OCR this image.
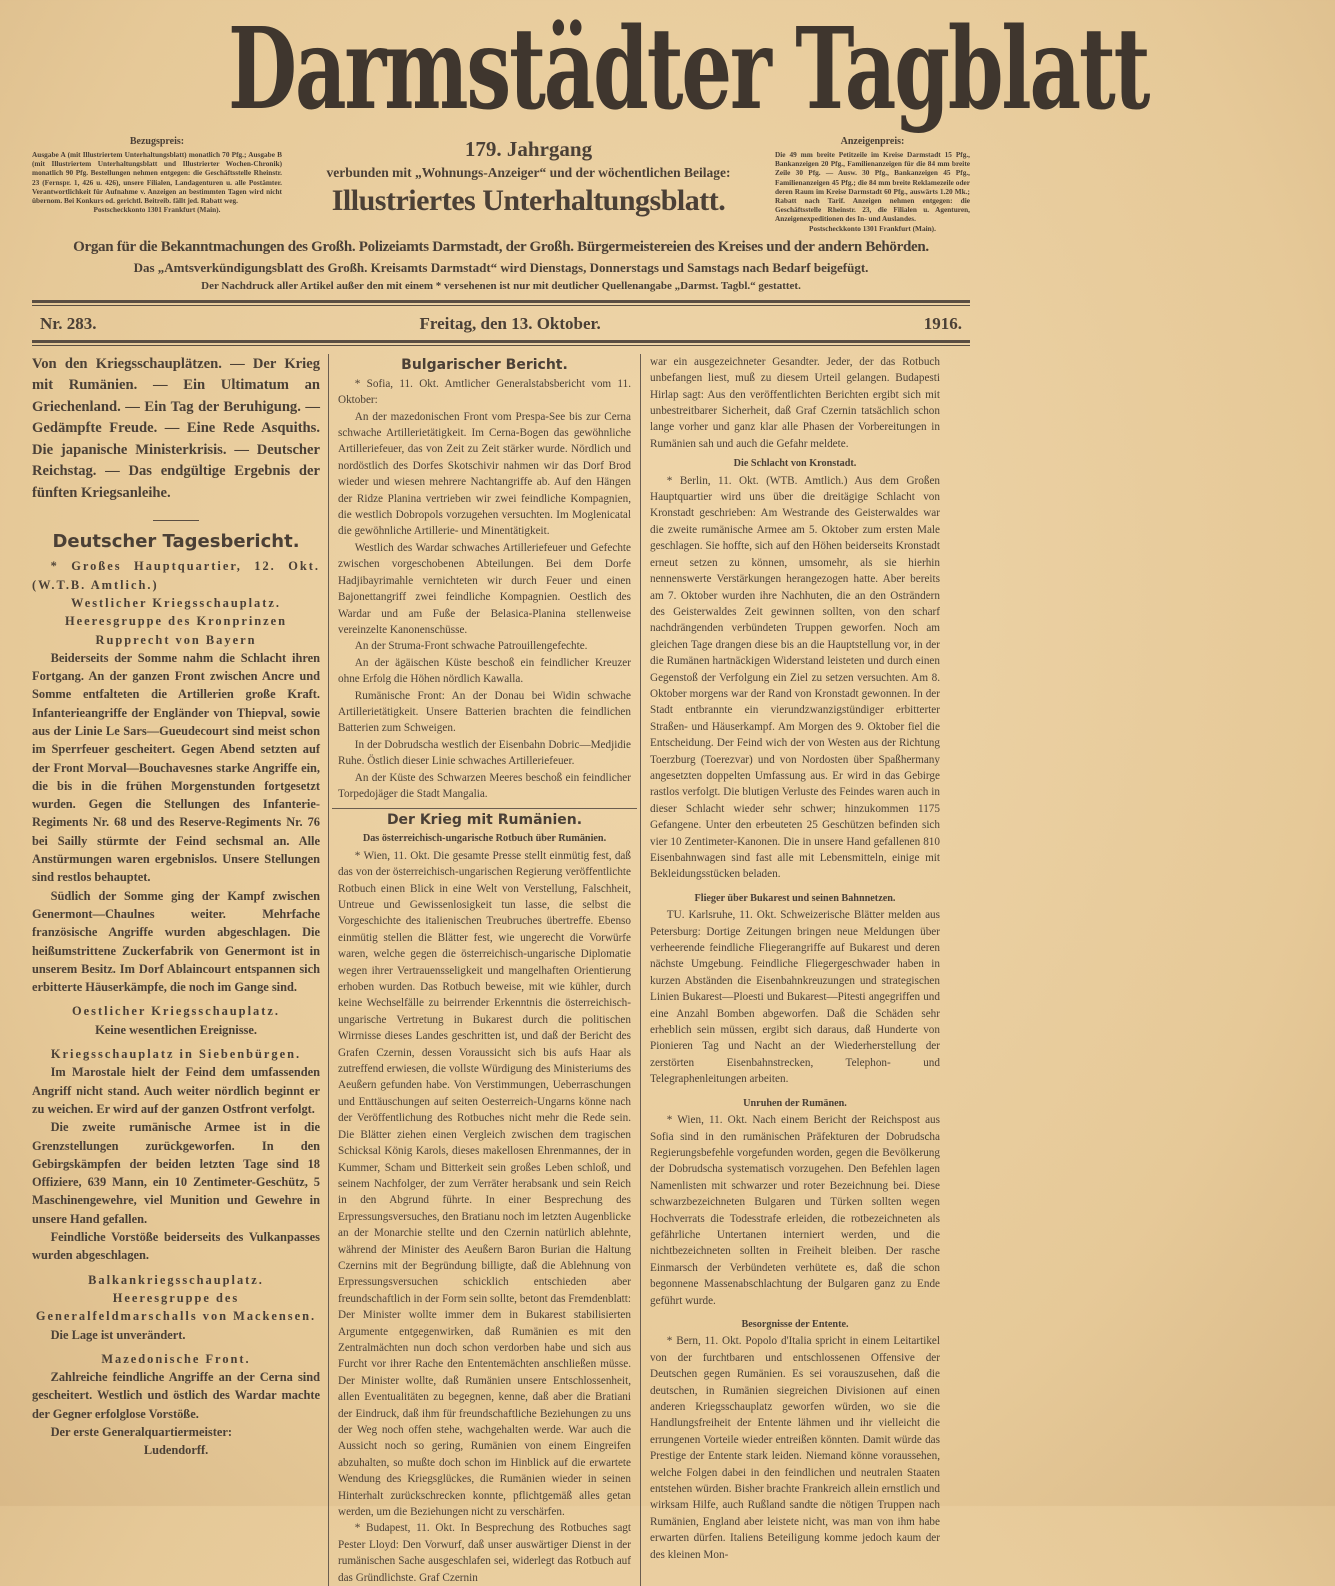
Darmstädter Tagblatt
Bezugspreis:
Ausgabe A (mit Illustriertem Unterhaltungsblatt) monatlich 70 Pfg.; Ausgabe B (mit Illustriertem Unterhaltungsblatt und Illustrierter Wochen-Chronik) monatlich 90 Pfg. Bestellungen nehmen entgegen: die Geschäftsstelle Rheinstr. 23 (Fernspr. 1, 426 u. 426), unsere Filialen, Landagenturen u. alle Postämter. Verantwortlichkeit für Aufnahme v. Anzeigen an bestimmten Tagen wird nicht übernom. Bei Konkurs od. gerichtl. Beitreib. fällt jed. Rabatt weg.
Postscheckkonto 1301 Frankfurt (Main).
179. Jahrgang
verbunden mit „Wohnungs-Anzeiger“ und der wöchentlichen Beilage:
Illustriertes Unterhaltungsblatt.
Anzeigenpreis:
Die 49 mm breite Petitzeile im Kreise Darmstadt 15 Pfg., Bankanzeigen 20 Pfg., Familienanzeigen für die 84 mm breite Zeile 30 Pfg. — Ausw. 30 Pfg., Bankanzeigen 45 Pfg., Familienanzeigen 45 Pfg.; die 84 mm breite Reklamezeile oder deren Raum im Kreise Darmstadt 60 Pfg., auswärts 1.20 Mk.; Rabatt nach Tarif. Anzeigen nehmen entgegen: die Geschäftsstelle Rheinstr. 23, die Filialen u. Agenturen, Anzeigenexpeditionen des In- und Auslandes.
Postscheckkonto 1301 Frankfurt (Main).
Organ für die Bekanntmachungen des Großh. Polizeiamts Darmstadt, der Großh. Bürgermeistereien des Kreises und der andern Behörden.
Das „Amtsverkündigungsblatt des Großh. Kreisamts Darmstadt“ wird Dienstags, Donnerstags und Samstags nach Bedarf beigefügt.
Der Nachdruck aller Artikel außer den mit einem * versehenen ist nur mit deutlicher Quellenangabe „Darmst. Tagbl.“ gestattet.
Nr. 283.	Freitag, den 13. Oktober.	1916.

Von den Kriegsschauplätzen. — Der Krieg mit Rumänien. — Ein Ultimatum an Griechenland. — Ein Tag der Beruhigung. — Gedämpfte Freude. — Eine Rede Asquiths. Die japanische Ministerkrisis. — Deutscher Reichstag. — Das endgültige Ergebnis der fünften Kriegsanleihe.

Deutscher Tagesbericht.

* Großes Hauptquartier, 12. Okt. (W.T.B. Amtlich.)

Westlicher Kriegsschauplatz.

Heeresgruppe des Kronprinzen Rupprecht von Bayern

Beiderseits der Somme nahm die Schlacht ihren Fortgang. An der ganzen Front zwischen Ancre und Somme entfalteten die Artillerien große Kraft. Infanterieangriffe der Engländer von Thiepval, sowie aus der Linie Le Sars—Gueudecourt sind meist schon im Sperrfeuer gescheitert. Gegen Abend setzten auf der Front Morval—Bouchavesnes starke Angriffe ein, die bis in die frühen Morgenstunden fortgesetzt wurden. Gegen die Stellungen des Infanterie-Regiments Nr. 68 und des Reserve-Regiments Nr. 76 bei Sailly stürmte der Feind sechsmal an. Alle Anstürmungen waren ergebnislos. Unsere Stellungen sind restlos behauptet.

Südlich der Somme ging der Kampf zwischen Genermont—Chaulnes weiter. Mehrfache französische Angriffe wurden abgeschlagen. Die heißumstrittene Zuckerfabrik von Genermont ist in unserem Besitz. Im Dorf Ablaincourt entspannen sich erbitterte Häuserkämpfe, die noch im Gange sind.

Oestlicher Kriegsschauplatz.

Keine wesentlichen Ereignisse.

Kriegsschauplatz in Siebenbürgen.

Im Marostale hielt der Feind dem umfassenden Angriff nicht stand. Auch weiter nördlich beginnt er zu weichen. Er wird auf der ganzen Ostfront verfolgt.

Die zweite rumänische Armee ist in die Grenzstellungen zurückgeworfen. In den Gebirgskämpfen der beiden letzten Tage sind 18 Offiziere, 639 Mann, ein 10 Zentimeter-Geschütz, 5 Maschinengewehre, viel Munition und Gewehre in unsere Hand gefallen.

Feindliche Vorstöße beiderseits des Vulkanpasses wurden abgeschlagen.

Balkankriegsschauplatz.

Heeresgruppe des Generalfeldmarschalls von Mackensen.

Die Lage ist unverändert.

Mazedonische Front.

Zahlreiche feindliche Angriffe an der Cerna sind gescheitert. Westlich und östlich des Wardar machte der Gegner erfolglose Vorstöße.

Der erste Generalquartiermeister:

Ludendorff.

Bulgarischer Bericht.

* Sofia, 11. Okt. Amtlicher Generalstabsbericht vom 11. Oktober:

An der mazedonischen Front vom Prespa-See bis zur Cerna schwache Artillerietätigkeit. Im Cerna-Bogen das gewöhnliche Artilleriefeuer, das von Zeit zu Zeit stärker wurde. Nördlich und nordöstlich des Dorfes Skotschivir nahmen wir das Dorf Brod wieder und wiesen mehrere Nachtangriffe ab. Auf den Hängen der Ridze Planina vertrieben wir zwei feindliche Kompagnien, die westlich Dobropols vorzugehen versuchten. Im Moglenicatal die gewöhnliche Artillerie- und Minentätigkeit.

Westlich des Wardar schwaches Artilleriefeuer und Gefechte zwischen vorgeschobenen Abteilungen. Bei dem Dorfe Hadjibayrimahle vernichteten wir durch Feuer und einen Bajonettangriff zwei feindliche Kompagnien. Oestlich des Wardar und am Fuße der Belasica-Planina stellenweise vereinzelte Kanonenschüsse.

An der Struma-Front schwache Patrouillengefechte.

An der ägäischen Küste beschoß ein feindlicher Kreuzer ohne Erfolg die Höhen nördlich Kawalla.

Rumänische Front: An der Donau bei Widin schwache Artillerietätigkeit. Unsere Batterien brachten die feindlichen Batterien zum Schweigen.

In der Dobrudscha westlich der Eisenbahn Dobric—Medjidie Ruhe. Östlich dieser Linie schwaches Artilleriefeuer.

An der Küste des Schwarzen Meeres beschoß ein feindlicher Torpedojäger die Stadt Mangalia.

Der Krieg mit Rumänien.

Das österreichisch-ungarische Rotbuch über Rumänien.

* Wien, 11. Okt. Die gesamte Presse stellt einmütig fest, daß das von der österreichisch-ungarischen Regierung veröffentlichte Rotbuch einen Blick in eine Welt von Verstellung, Falschheit, Untreue und Gewissenlosigkeit tun lasse, die selbst die Vorgeschichte des italienischen Treubruches übertreffe. Ebenso einmütig stellen die Blätter fest, wie ungerecht die Vorwürfe waren, welche gegen die österreichisch-ungarische Diplomatie wegen ihrer Vertrauensseligkeit und mangelhaften Orientierung erhoben wurden. Das Rotbuch beweise, mit wie kühler, durch keine Wechselfälle zu beirrender Erkenntnis die österreichisch-ungarische Vertretung in Bukarest durch die politischen Wirrnisse dieses Landes geschritten ist, und daß der Bericht des Grafen Czernin, dessen Voraussicht sich bis aufs Haar als zutreffend erwiesen, die vollste Würdigung des Ministeriums des Aeußern gefunden habe. Von Verstimmungen, Ueberraschungen und Enttäuschungen auf seiten Oesterreich-Ungarns könne nach der Veröffentlichung des Rotbuches nicht mehr die Rede sein. Die Blätter ziehen einen Vergleich zwischen dem tragischen Schicksal König Karols, dieses makellosen Ehrenmannes, der in Kummer, Scham und Bitterkeit sein großes Leben schloß, und seinem Nachfolger, der zum Verräter herabsank und sein Reich in den Abgrund führte. In einer Besprechung des Erpressungsversuches, den Bratianu noch im letzten Augenblicke an der Monarchie stellte und den Czernin natürlich ablehnte, während der Minister des Aeußern Baron Burian die Haltung Czernins mit der Begründung billigte, daß die Ablehnung von Erpressungsversuchen schicklich entschieden aber freundschaftlich in der Form sein sollte, betont das Fremdenblatt: Der Minister wollte immer dem in Bukarest stabilisierten Argumente entgegenwirken, daß Rumänien es mit den Zentralmächten nun doch schon verdorben habe und sich aus Furcht vor ihrer Rache den Ententemächten anschließen müsse. Der Minister wollte, daß Rumänien unsere Entschlossenheit, allen Eventualitäten zu begegnen, kenne, daß aber die Bratiani der Eindruck, daß ihm für freundschaftliche Beziehungen zu uns der Weg noch offen stehe, wachgehalten werde. War auch die Aussicht noch so gering, Rumänien von einem Eingreifen abzuhalten, so mußte doch schon im Hinblick auf die erwartete Wendung des Kriegsglückes, die Rumänien wieder in seinen Hinterhalt zurückschrecken konnte, pflichtgemäß alles getan werden, um die Beziehungen nicht zu verschärfen.

* Budapest, 11. Okt. In Besprechung des Rotbuches sagt Pester Lloyd: Den Vorwurf, daß unser auswärtiger Dienst in der rumänischen Sache ausgeschlafen sei, widerlegt das Rotbuch auf das Gründlichste. Graf Czernin

war ein ausgezeichneter Gesandter. Jeder, der das Rotbuch unbefangen liest, muß zu diesem Urteil gelangen. Budapesti Hirlap sagt: Aus den veröffentlichten Berichten ergibt sich mit unbestreitbarer Sicherheit, daß Graf Czernin tatsächlich schon lange vorher und ganz klar alle Phasen der Vorbereitungen in Rumänien sah und auch die Gefahr meldete.

Die Schlacht von Kronstadt.

* Berlin, 11. Okt. (WTB. Amtlich.) Aus dem Großen Hauptquartier wird uns über die dreitägige Schlacht von Kronstadt geschrieben: Am Westrande des Geisterwaldes war die zweite rumänische Armee am 5. Oktober zum ersten Male geschlagen. Sie hoffte, sich auf den Höhen beiderseits Kronstadt erneut setzen zu können, umsomehr, als sie hierhin nennenswerte Verstärkungen herangezogen hatte. Aber bereits am 7. Oktober wurden ihre Nachhuten, die an den Osträndern des Geisterwaldes Zeit gewinnen sollten, von den scharf nachdrängenden verbündeten Truppen geworfen. Noch am gleichen Tage drangen diese bis an die Hauptstellung vor, in der die Rumänen hartnäckigen Widerstand leisteten und durch einen Gegenstoß der Verfolgung ein Ziel zu setzen versuchten. Am 8. Oktober morgens war der Rand von Kronstadt gewonnen. In der Stadt entbrannte ein vierundzwanzigstündiger erbitterter Straßen- und Häuserkampf. Am Morgen des 9. Oktober fiel die Entscheidung. Der Feind wich der von Westen aus der Richtung Toerzburg (Toerezvar) und von Nordosten über Spaßhermany angesetzten doppelten Umfassung aus. Er wird in das Gebirge rastlos verfolgt. Die blutigen Verluste des Feindes waren auch in dieser Schlacht wieder sehr schwer; hinzukommen 1175 Gefangene. Unter den erbeuteten 25 Geschützen befinden sich vier 10 Zentimeter-Kanonen. Die in unsere Hand gefallenen 810 Eisenbahnwagen sind fast alle mit Lebensmitteln, einige mit Bekleidungsstücken beladen.

Flieger über Bukarest und seinen Bahnnetzen.

TU. Karlsruhe, 11. Okt. Schweizerische Blätter melden aus Petersburg: Dortige Zeitungen bringen neue Meldungen über verheerende feindliche Fliegerangriffe auf Bukarest und deren nächste Umgebung. Feindliche Fliegergeschwader haben in kurzen Abständen die Eisenbahnkreuzungen und strategischen Linien Bukarest—Ploesti und Bukarest—Pitesti angegriffen und eine Anzahl Bomben abgeworfen. Daß die Schäden sehr erheblich sein müssen, ergibt sich daraus, daß Hunderte von Pionieren Tag und Nacht an der Wiederherstellung der zerstörten Eisenbahnstrecken, Telephon- und Telegraphenleitungen arbeiten.

Unruhen der Rumänen.

* Wien, 11. Okt. Nach einem Bericht der Reichspost aus Sofia sind in den rumänischen Präfekturen der Dobrudscha Regierungsbefehle vorgefunden worden, gegen die Bevölkerung der Dobrudscha systematisch vorzugehen. Den Befehlen lagen Namenlisten mit schwarzer und roter Bezeichnung bei. Diese schwarzbezeichneten Bulgaren und Türken sollten wegen Hochverrats die Todesstrafe erleiden, die rotbezeichneten als gefährliche Untertanen interniert werden, und die nichtbezeichneten sollten in Freiheit bleiben. Der rasche Einmarsch der Verbündeten verhütete es, daß die schon begonnene Massenabschlachtung der Bulgaren ganz zu Ende geführt wurde.

Besorgnisse der Entente.

* Bern, 11. Okt. Popolo d'Italia spricht in einem Leitartikel von der furchtbaren und entschlossenen Offensive der Deutschen gegen Rumänien. Es sei vorauszusehen, daß die deutschen, in Rumänien siegreichen Divisionen auf einen anderen Kriegsschauplatz geworfen würden, wo sie die Handlungsfreiheit der Entente lähmen und ihr vielleicht die errungenen Vorteile wieder entreißen könnten. Damit würde das Prestige der Entente stark leiden. Niemand könne voraussehen, welche Folgen dabei in den feindlichen und neutralen Staaten entstehen würden. Bisher brachte Frankreich allein ernstlich und wirksam Hilfe, auch Rußland sandte die nötigen Truppen nach Rumänien, England aber leistete nicht, was man von ihm habe erwarten dürfen. Italiens Beteiligung komme jedoch kaum der des kleinen Mon-
